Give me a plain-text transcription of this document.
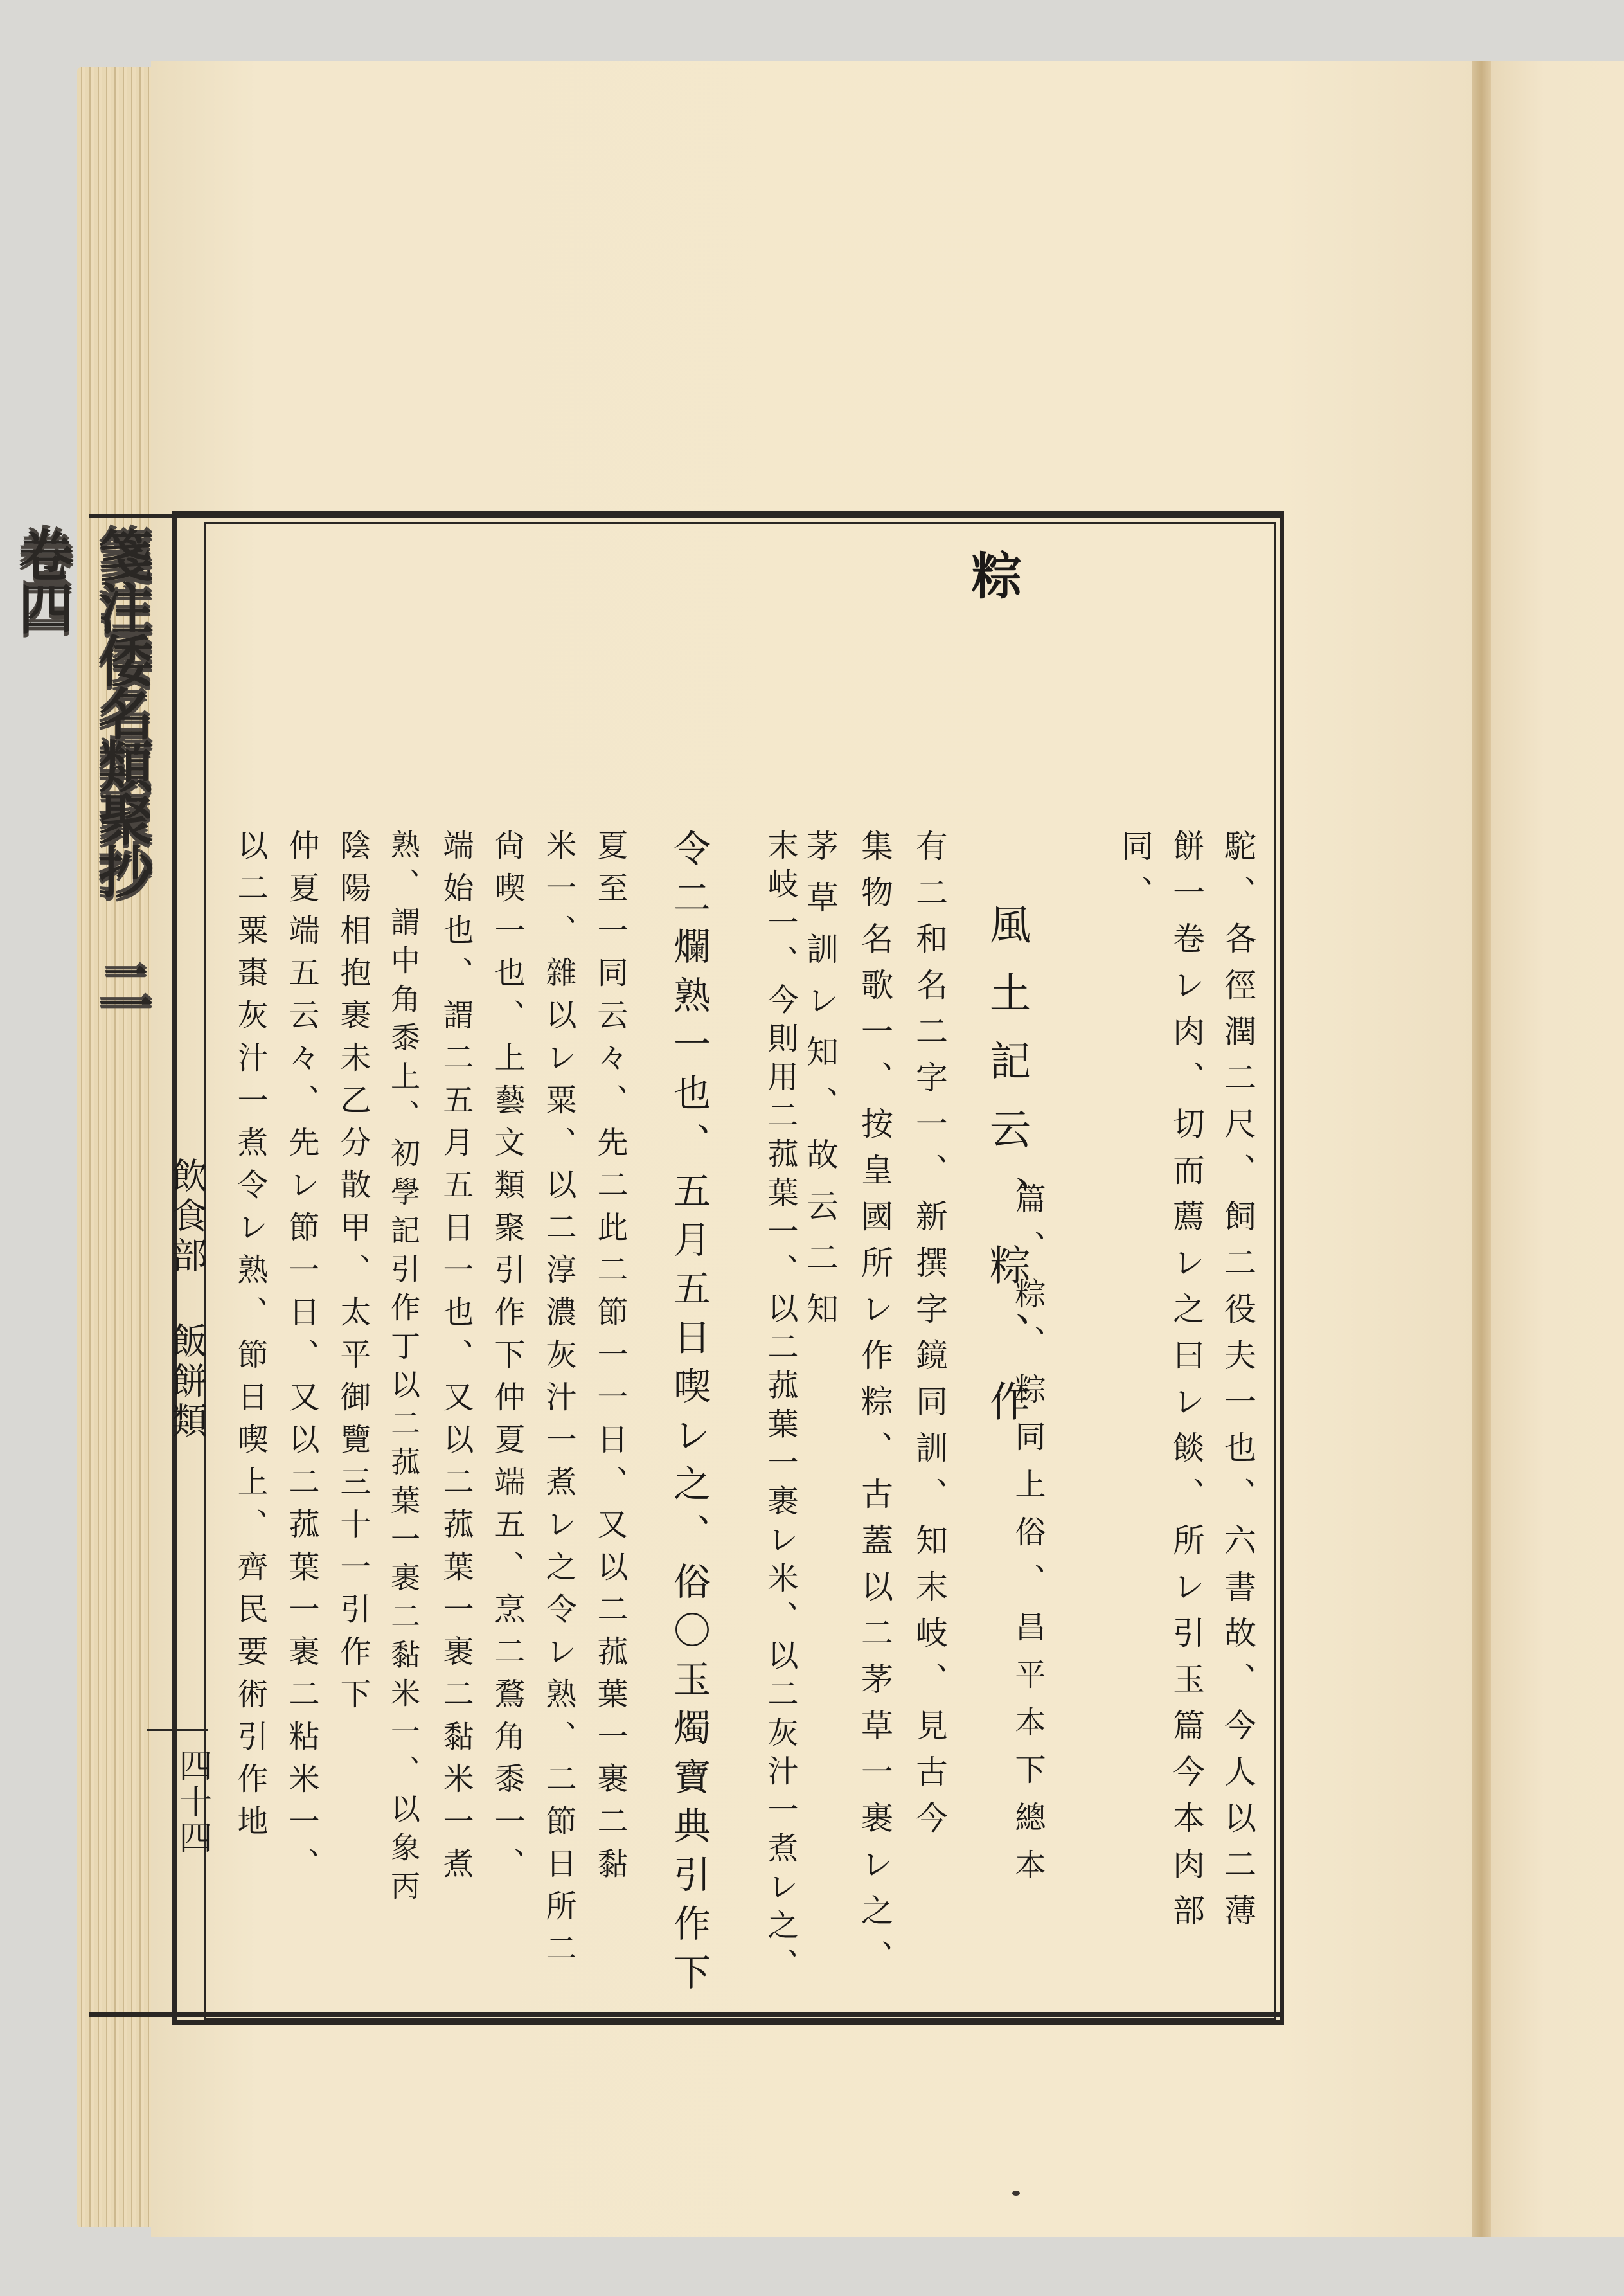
箋注倭名類聚抄 二 卷四
飲食部 飯餅類
四十四
粽
駝、各徑潤二尺、飼二役夫一也、六書故、今人以二薄
餅一卷レ肉、切而薦レ之曰レ餤、所レ引玉篇今本肉部
同、
風土記云、粽、作
篇、粽、粽同上俗、昌平本下總本
有二和名二字一、新撰字鏡同訓、知末岐、見古今
集物名歌一、按皇國所レ作粽、古蓋以二茅草一裹レ之、
茅草訓レ知、故云二知
末岐一、今則用二菰葉一、以二菰葉一裹レ米、以二灰汁一煮レ之、
令二爛熟一也、五月五日喫レ之、俗〇玉燭寶典引作下
夏至一同云々、先二此二節一一日、又以二菰葉一裹二黏
米一、雜以レ粟、以二淳濃灰汁一煮レ之令レ熟、二節日所二
尙喫一也、上藝文類聚引作下仲夏端五、烹二鶩角黍一、
端始也、謂二五月五日一也、又以二菰葉一裹二黏米一煮
熟、謂中角黍上、初學記引作丁以二菰葉一裹二黏米一、以象丙
陰陽相抱裹未乙分散甲、太平御覽三十一引作下
仲夏端五云々、先レ節一日、又以二菰葉一裹二粘米一、
以二粟棗灰汁一煮令レ熟、節日喫上、齊民要術引作地
